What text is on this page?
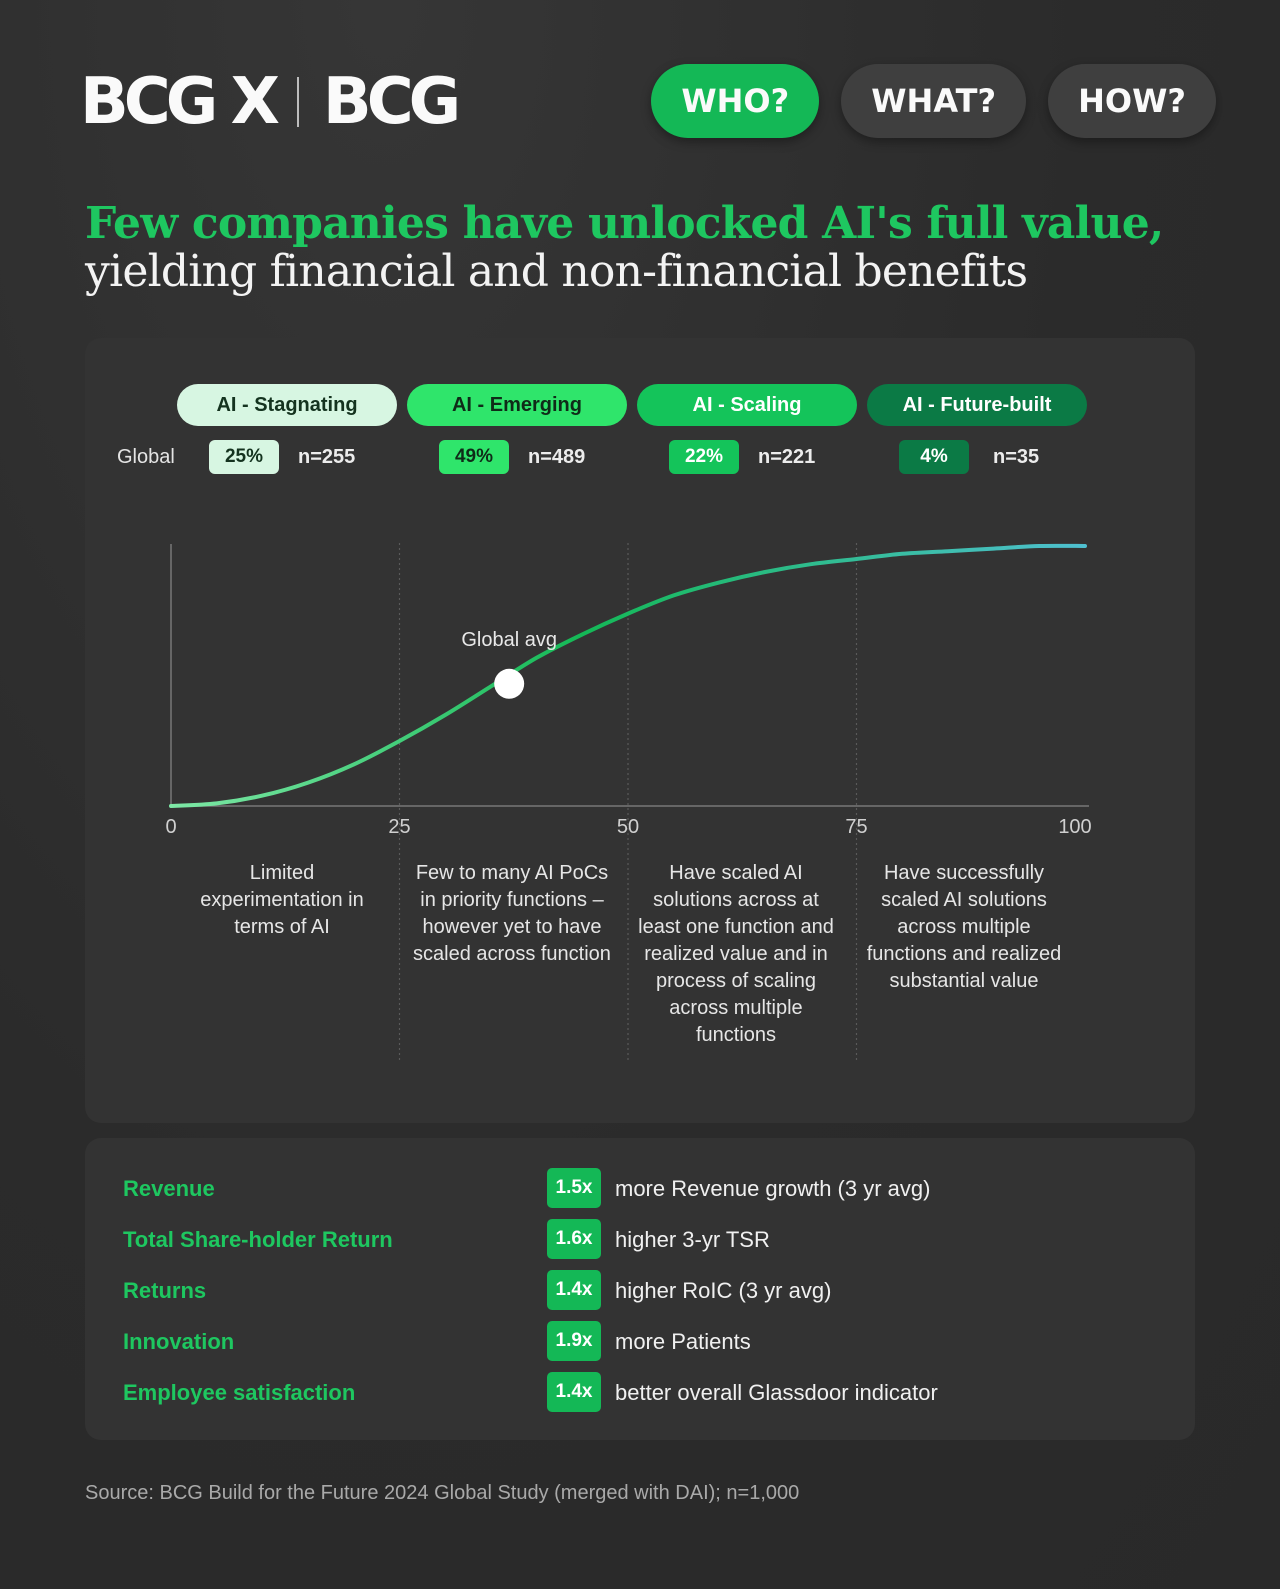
BCG X BCG	WHO?	WHAT?	HOW?
Few companies have unlocked AI's full value,
yielding financial and non-financial benefits
AI - Stagnating	AI - Emerging	AI - Scaling	AI - Future-built
Global	25%	n=255	49%	n=489	22%	n=221	4%	n=35
0	25	50	75	100
Global avg
Limited experimentation in terms of AI
Few to many AI PoCs in priority functions – however yet to have scaled across function
Have scaled AI solutions across at least one function and realized value and in process of scaling across multiple functions
Have successfully scaled AI solutions across multiple functions and realized substantial value
Revenue	1.5x	more Revenue growth (3 yr avg)
Total Share-holder Return	1.6x	higher 3-yr TSR
Returns	1.4x	higher RoIC (3 yr avg)
Innovation	1.9x	more Patients
Employee satisfaction	1.4x	better overall Glassdoor indicator
Source: BCG Build for the Future 2024 Global Study (merged with DAI); n=1,000
